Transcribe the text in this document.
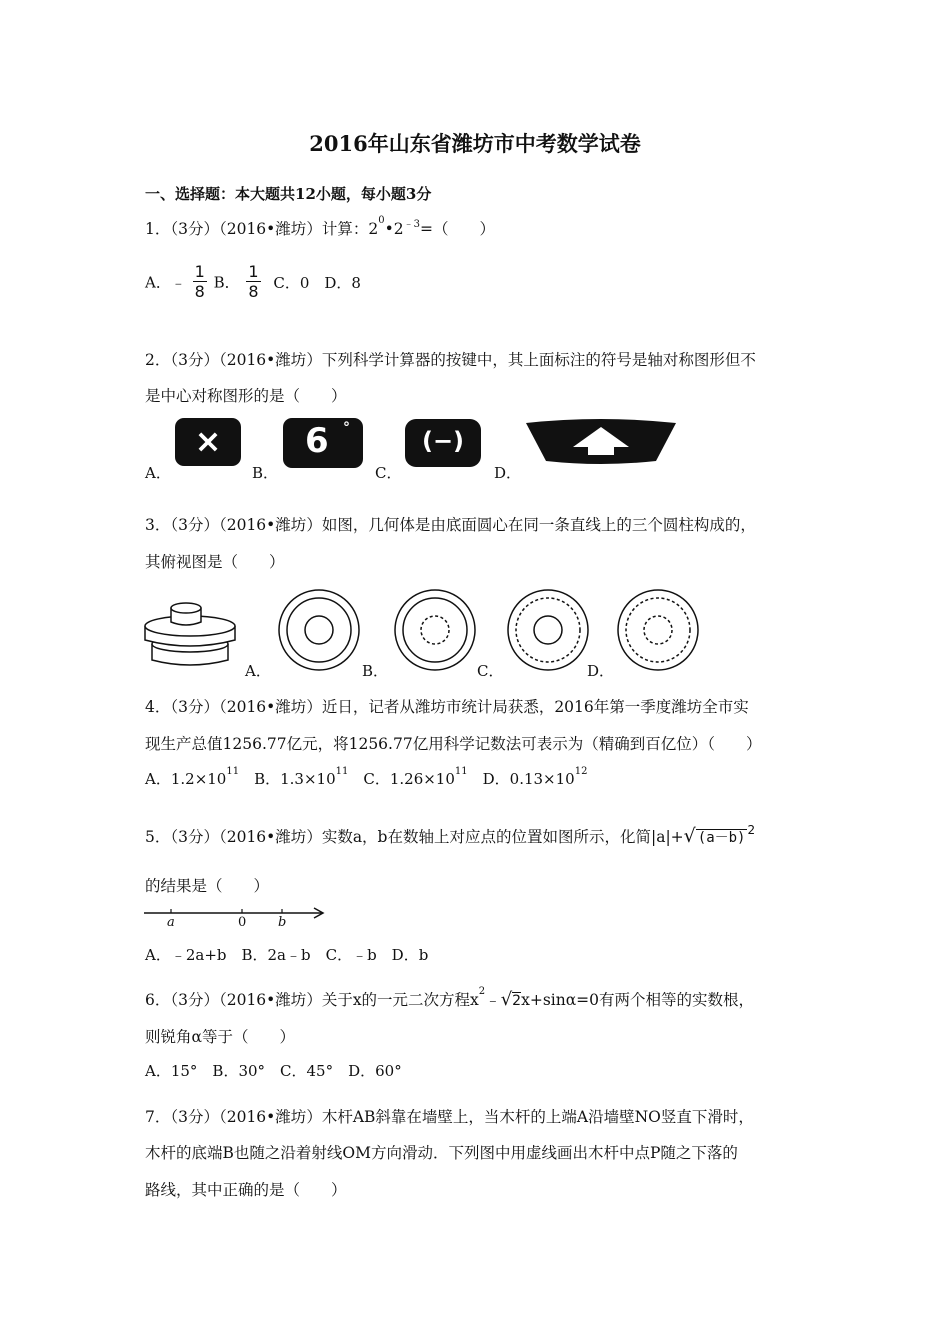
2016年山东省潍坊市中考数学试卷
一、选择题：本大题共12小题，每小题3分
1．（3分）（2016•潍坊）计算：$2^0•2^{﹣3}=$（　　）
A．﹣ $\frac{1}{8}$ B． $\frac{1}{8}$ C．0　D．8
2．（3分）（2016•潍坊）下列科学计算器的按键中，其上面标注的符号是轴对称图形但不
是中心对称图形的是（　　）
A．
×
B．
6 °
C．
(−)
D．
3．（3分）（2016•潍坊）如图，几何体是由底面圆心在同一条直线上的三个圆柱构成的，
其俯视图是（　　）
A．	B．	C．	D．
4．（3分）（2016•潍坊）近日，记者从潍坊市统计局获悉，2016年第一季度潍坊全市实
现生产总值1256.77亿元，将1256.77亿用科学记数法可表示为（精确到百亿位）（　　）
A．$1.2\times 10^{11}$　B．$1.3\times 10^{11}$　C．$1.26\times 10^{11}$　D．$0.13\times 10^{12}$
5．（3分）（2016•潍坊）实数a，b在数轴上对应点的位置如图所示，化简|a|+√ (a－b) $^2$
的结果是（　　）
a	0 b
A．﹣2a+b　B．2a﹣b　C．﹣b　D．b
6．（3分）（2016•潍坊）关于x的一元二次方程$x^2﹣√2x+\sin\alpha=0$有两个相等的实数根，
则锐角α等于（　　）
A．15°　B．30°　C．45°　D．60°
7．（3分）（2016•潍坊）木杆AB斜靠在墙壁上，当木杆的上端A沿墙壁NO竖直下滑时，
木杆的底端B也随之沿着射线OM方向滑动．下列图中用虚线画出木杆中点P随之下落的
路线，其中正确的是（　　）
